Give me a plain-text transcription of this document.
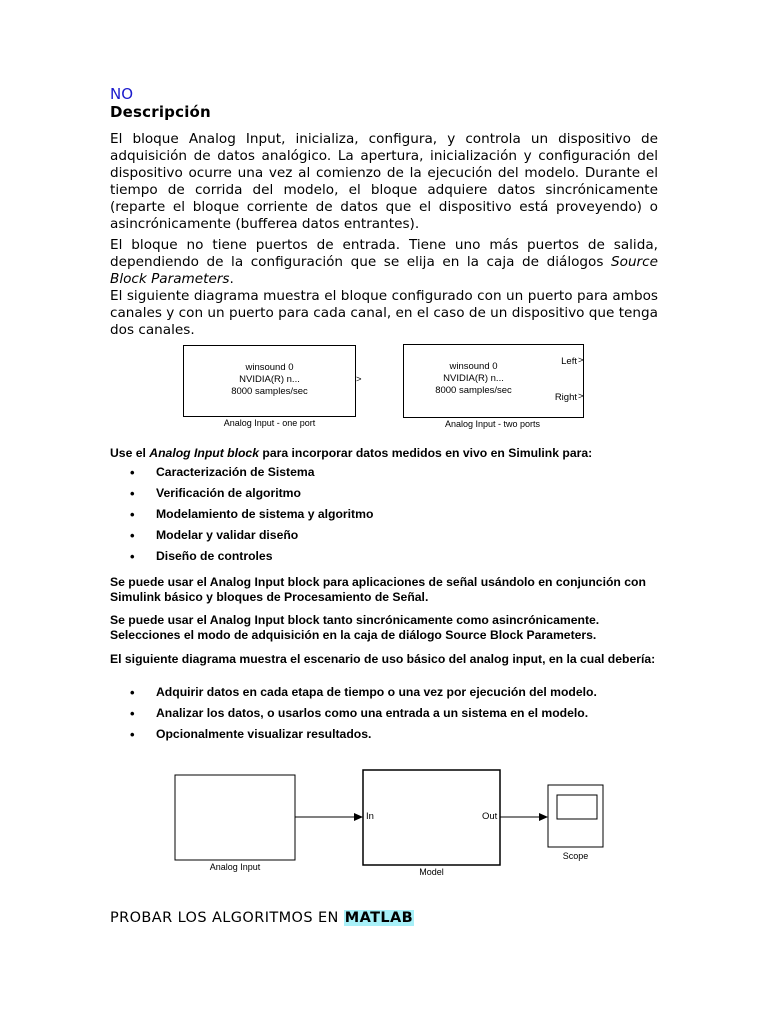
NO
Descripción
El bloque Analog Input, inicializa, configura, y controla un dispositivo de adquisición de datos analógico. La apertura, inicialización y configuración del dispositivo ocurre una vez al comienzo de la ejecución del modelo. Durante el tiempo de corrida del modelo, el bloque adquiere datos sincrónicamente (reparte el bloque corriente de datos que el dispositivo está proveyendo) o asincrónicamente (bufferea datos entrantes).
El bloque no tiene puertos de entrada. Tiene uno más puertos de salida, dependiendo de la configuración que se elija en la caja de diálogos Source Block Parameters.
El siguiente diagrama muestra el bloque configurado con un puerto para ambos canales y con un puerto para cada canal, en el caso de un dispositivo que tenga dos canales.
winsound 0
NVIDIA(R) n...
8000 samples/sec
>
Analog Input - one port
winsound 0
NVIDIA(R) n...
8000 samples/sec
Left
Right
>
>
Analog Input - two ports
Use el Analog Input block para incorporar datos medidos en vivo en Simulink para:
• Caracterización de Sistema
• Verificación de algoritmo
• Modelamiento de sistema y algoritmo
• Modelar y validar diseño
• Diseño de controles
Se puede usar el Analog Input block para aplicaciones de señal usándolo en conjunción con Simulink básico y bloques de Procesamiento de Señal.
Se puede usar el Analog Input block tanto sincrónicamente como asincrónicamente. Selecciones el modo de adquisición en la caja de diálogo Source Block Parameters.
El siguiente diagrama muestra el escenario de uso básico del analog input, en la cual debería:
• Adquirir datos en cada etapa de tiempo o una vez por ejecución del modelo.
• Analizar los datos, o usarlos como una entrada a un sistema en el modelo.
• Opcionalmente visualizar resultados.
In	Out
Analog Input	Model
Scope
PROBAR LOS ALGORITMOS EN MATLAB
